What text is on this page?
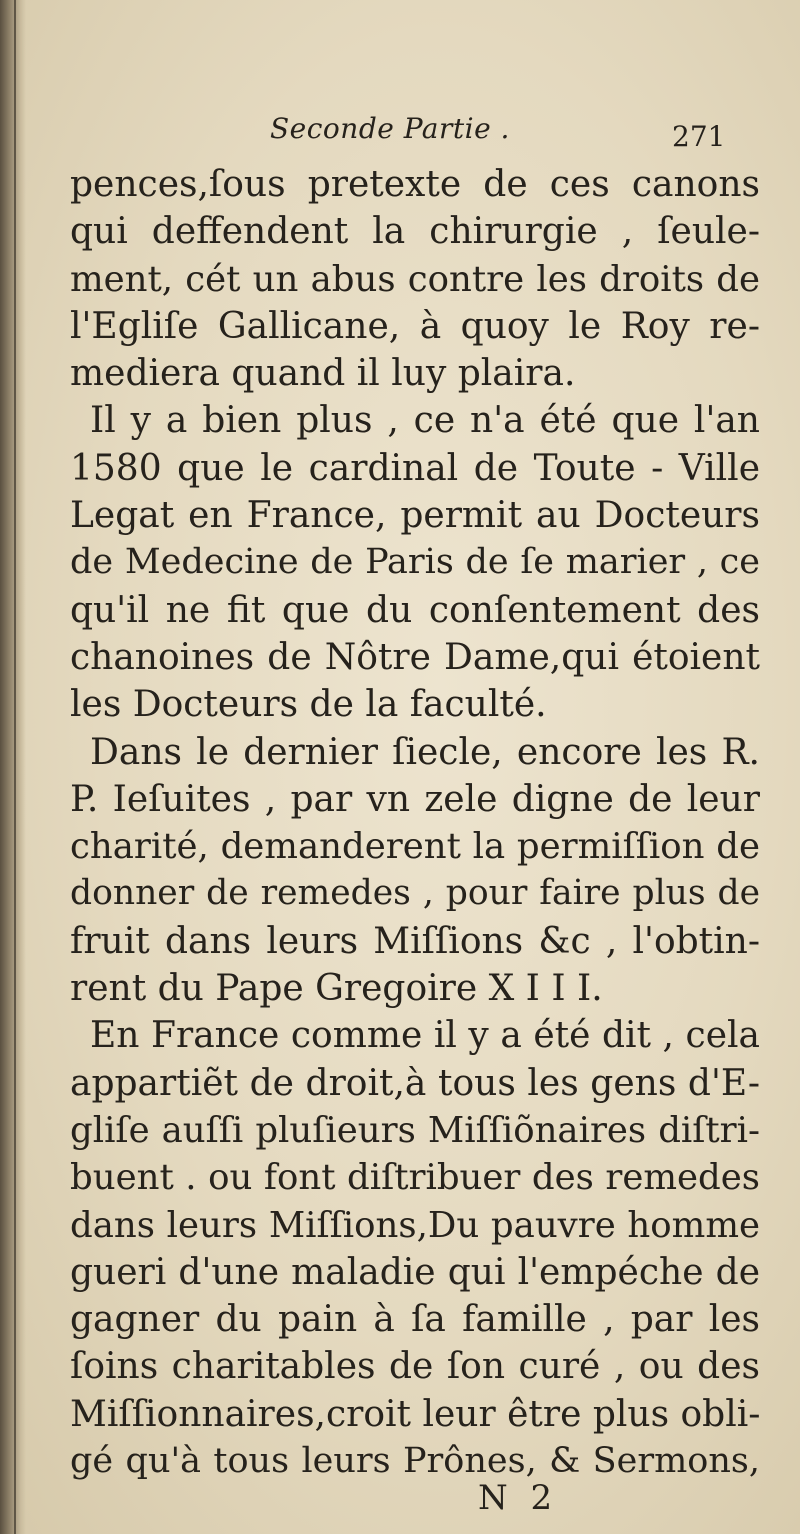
Seconde Partie .	271
pences,ſous pretexte de ces canons
qui deffendent la chirurgie , ſeule-
ment, cét un abus contre les droits de
l'Egliſe Gallicane, à quoy le Roy re-
mediera quand il luy plaira.
Il y a bien plus , ce n'a été que l'an
1580 que le cardinal de Toute - Ville
Legat en France, permit au Docteurs
de Medecine de Paris de ſe marier , ce
qu'il ne fit que du conſentement des
chanoines de Nôtre Dame,qui étoient
les Docteurs de la faculté.
Dans le dernier ſiecle, encore les R.
P. Ieſuites , par vn zele digne de leur
charité, demanderent la permiſſion de
donner de remedes , pour faire plus de
fruit dans leurs Miſſions &c , l'obtin-
rent du Pape Gregoire X I I I.
En France comme il y a été dit , cela
appartiẽt de droit,à tous les gens d'E-
gliſe auſſi pluſieurs Miſſiõnaires diſtri-
buent . ou font diſtribuer des remedes
dans leurs Miſſions,Du pauvre homme
gueri d'une maladie qui l'empéche de
gagner du pain à ſa famille , par les
ſoins charitables de ſon curé , ou des
Miſſionnaires,croit leur être plus obli-
gé qu'à tous leurs Prônes, & Sermons,
N 2
